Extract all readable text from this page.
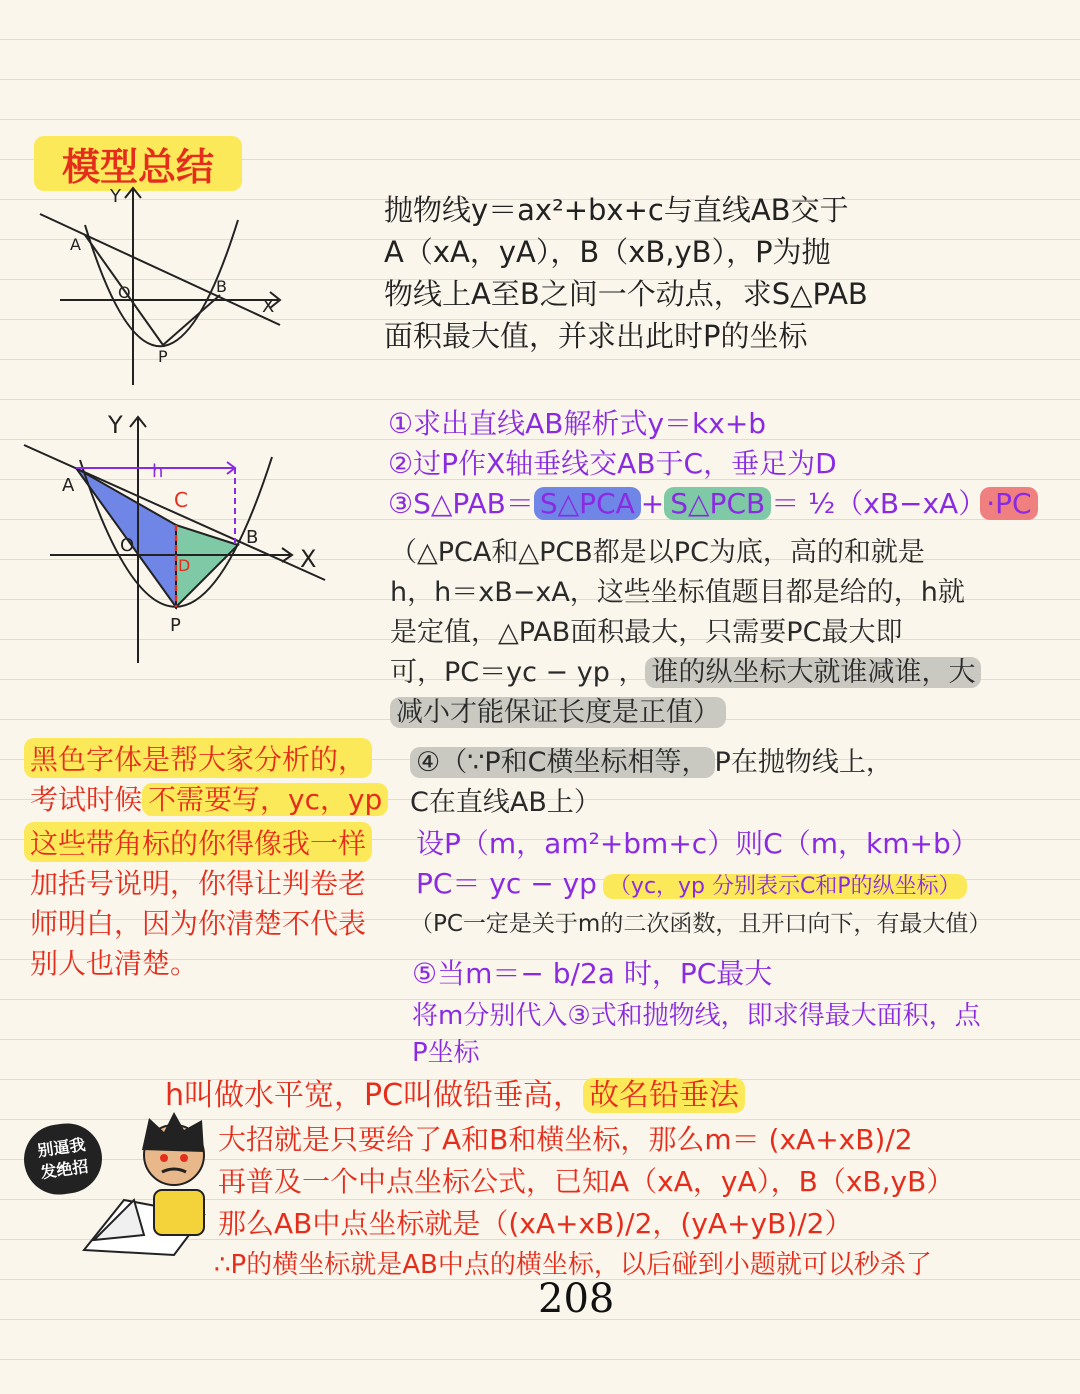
模型总结
Y
X
A
B
O
P
抛物线y＝ax²+bx+c与直线AB交于
A（xA，yA），B（xB,yB），P为抛
物线上A至B之间一个动点，求S△PAB
面积最大值，并求出此时P的坐标
Y
X
A
B
O
P
C
D
h
①求出直线AB解析式y＝kx+b
②过P作X轴垂线交AB于C，垂足为D
③S△PAB＝ S△PCA + S△PCB ＝ ½（xB−xA） ·PC
（△PCA和△PCB都是以PC为底，高的和就是
h，h＝xB−xA，这些坐标值题目都是给的，h就
是定值，△PAB面积最大，只需要PC最大即
可，PC＝yc − yp ， 谁的纵坐标大就谁减谁，大
减小才能保证长度是正值）
黑色字体是帮大家分析的，
考试时候 不需要写，yc，yp
这些带角标的你得像我一样
加括号说明，你得让判卷老
师明白，因为你清楚不代表
别人也清楚。
④（∵P和C横坐标相等， P在抛物线上，
C在直线AB上）
设P（m，am²+bm+c）则C（m，km+b）
PC＝ yc − yp （yc，yp 分别表示C和P的纵坐标）
（PC一定是关于m的二次函数，且开口向下，有最大值）
⑤当m＝− b/2a 时，PC最大
将m分别代入③式和抛物线，即求得最大面积，点
P坐标
h叫做水平宽，PC叫做铅垂高， 故名铅垂法
大招就是只要给了A和B和横坐标，那么m＝ (xA+xB)/2
再普及一个中点坐标公式，已知A（xA，yA），B（xB,yB）
那么AB中点坐标就是（(xA+xB)/2，(yA+yB)/2）
∴P的横坐标就是AB中点的横坐标，以后碰到小题就可以秒杀了
别逼我发绝招
208
